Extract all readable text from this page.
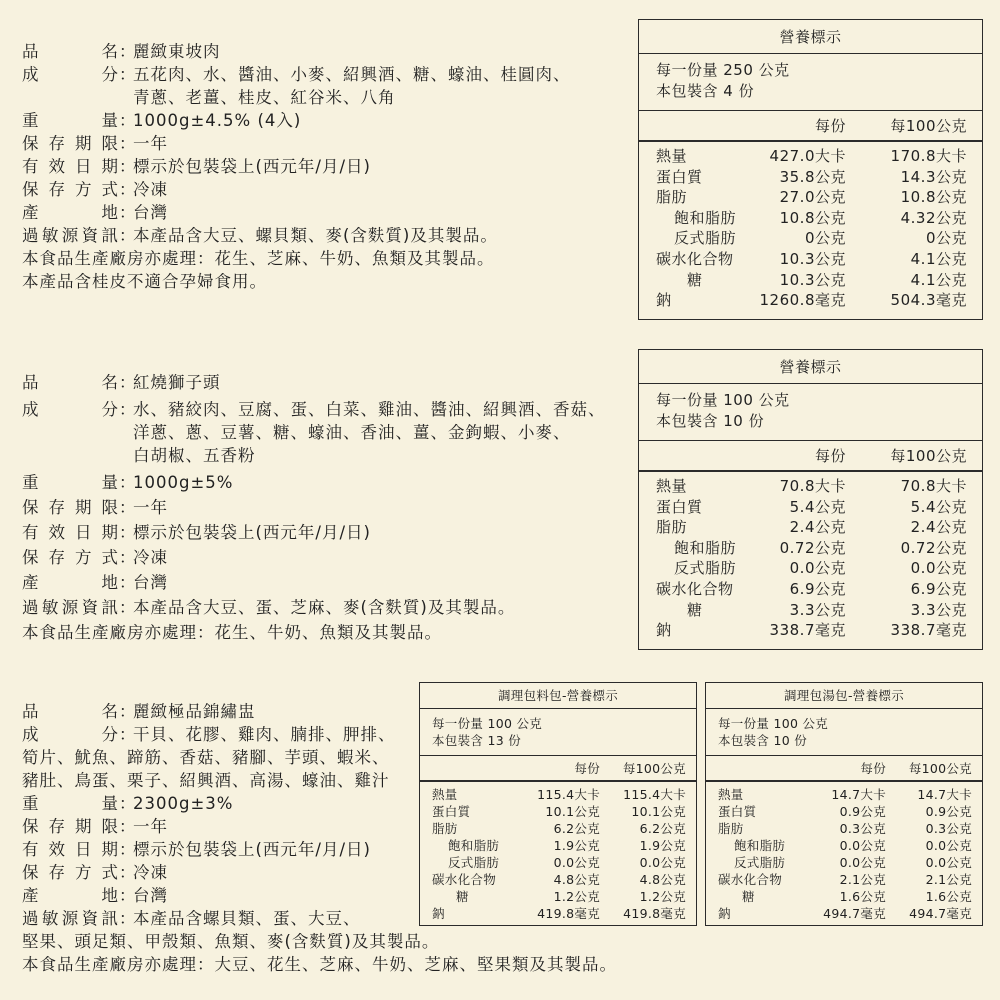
品名 ：
麗緻東坡肉
成分 ：
五花肉、水、醬油、小麥、紹興酒、糖、蠔油、桂圓肉、
青蔥、老薑、桂皮、紅谷米、八角
重量 ：
1000g±4.5% (4入)
保存期限 ：
一年
有效日期 ：
標示於包裝袋上(西元年/月/日)
保存方式 ：
冷凍
產地 ：
台灣
過敏源資訊 ：
本產品含大豆、螺貝類、麥(含麩質)及其製品。
本食品生產廠房亦處理：花生、芝麻、牛奶、魚類及其製品。
本產品含桂皮不適合孕婦食用。
品名 ：
紅燒獅子頭
成分 ：
水、豬絞肉、豆腐、蛋、白菜、雞油、醬油、紹興酒、香菇、
洋蔥、蔥、豆薯、糖、蠔油、香油、薑、金鉤蝦、小麥、
白胡椒、五香粉
重量 ：
1000g±5%
保存期限 ：
一年
有效日期 ：
標示於包裝袋上(西元年/月/日)
保存方式 ：
冷凍
產地 ：
台灣
過敏源資訊 ：
本產品含大豆、蛋、芝麻、麥(含麩質)及其製品。
本食品生產廠房亦處理：花生、牛奶、魚類及其製品。
品名 ：
麗緻極品錦繡盅
成分 ：
干貝、花膠、雞肉、腩排、胛排、
筍片、魷魚、蹄筋、香菇、豬腳、芋頭、蝦米、
豬肚、鳥蛋、栗子、紹興酒、高湯、蠔油、雞汁
重量 ：
2300g±3%
保存期限 ：
一年
有效日期 ：
標示於包裝袋上(西元年/月/日)
保存方式 ：
冷凍
產地 ：
台灣
過敏源資訊 ：
本產品含螺貝類、蛋、大豆、
堅果、頭足類、甲殼類、魚類、麥(含麩質)及其製品。
本食品生產廠房亦處理：大豆、花生、芝麻、牛奶、芝麻、堅果類及其製品。
營養標示
每一份量 250 公克
本包裝含 4 份
每份	每100公克
熱量	427.0大卡	170.8大卡
蛋白質	35.8公克	14.3公克
脂肪	27.0公克	10.8公克
飽和脂肪	10.8公克	4.32公克
反式脂肪	0公克	0公克
碳水化合物	10.3公克	4.1公克
糖	10.3公克	4.1公克
鈉	1260.8毫克	504.3毫克
營養標示
每一份量 100 公克
本包裝含 10 份
每份	每100公克
熱量	70.8大卡	70.8大卡
蛋白質	5.4公克	5.4公克
脂肪	2.4公克	2.4公克
飽和脂肪	0.72公克	0.72公克
反式脂肪	0.0公克	0.0公克
碳水化合物	6.9公克	6.9公克
糖	3.3公克	3.3公克
鈉	338.7毫克	338.7毫克
調理包料包-營養標示
每一份量 100 公克
本包裝含 13 份
每份	每100公克
熱量	115.4大卡	115.4大卡
蛋白質	10.1公克	10.1公克
脂肪	6.2公克	6.2公克
飽和脂肪	1.9公克	1.9公克
反式脂肪	0.0公克	0.0公克
碳水化合物	4.8公克	4.8公克
糖	1.2公克	1.2公克
鈉	419.8毫克	419.8毫克
調理包湯包-營養標示
每一份量 100 公克
本包裝含 10 份
每份	每100公克
熱量	14.7大卡	14.7大卡
蛋白質	0.9公克	0.9公克
脂肪	0.3公克	0.3公克
飽和脂肪	0.0公克	0.0公克
反式脂肪	0.0公克	0.0公克
碳水化合物	2.1公克	2.1公克
糖	1.6公克	1.6公克
鈉	494.7毫克	494.7毫克
